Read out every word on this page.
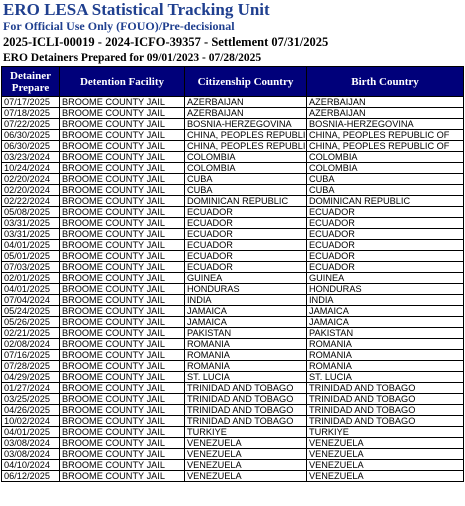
ERO LESA Statistical Tracking Unit
For Official Use Only (FOUO)/Pre-decisional
2025-ICLI-00019 - 2024-ICFO-39357 - Settlement 07/31/2025
ERO Detainers Prepared for 09/01/2023 - 07/28/2025
Detainer Prepare	Detention Facility	Citizenship Country	Birth Country
07/17/2025	BROOME COUNTY JAIL	AZERBAIJAN	AZERBAIJAN
07/18/2025	BROOME COUNTY JAIL	AZERBAIJAN	AZERBAIJAN
07/22/2025	BROOME COUNTY JAIL	BOSNIA-HERZEGOVINA	BOSNIA-HERZEGOVINA
06/30/2025	BROOME COUNTY JAIL	CHINA, PEOPLES REPUBLI	CHINA, PEOPLES REPUBLIC OF
06/30/2025	BROOME COUNTY JAIL	CHINA, PEOPLES REPUBLI	CHINA, PEOPLES REPUBLIC OF
03/23/2024	BROOME COUNTY JAIL	COLOMBIA	COLOMBIA
10/24/2024	BROOME COUNTY JAIL	COLOMBIA	COLOMBIA
02/20/2024	BROOME COUNTY JAIL	CUBA	CUBA
02/20/2024	BROOME COUNTY JAIL	CUBA	CUBA
02/22/2024	BROOME COUNTY JAIL	DOMINICAN REPUBLIC	DOMINICAN REPUBLIC
05/08/2025	BROOME COUNTY JAIL	ECUADOR	ECUADOR
03/31/2025	BROOME COUNTY JAIL	ECUADOR	ECUADOR
03/31/2025	BROOME COUNTY JAIL	ECUADOR	ECUADOR
04/01/2025	BROOME COUNTY JAIL	ECUADOR	ECUADOR
05/01/2025	BROOME COUNTY JAIL	ECUADOR	ECUADOR
07/03/2025	BROOME COUNTY JAIL	ECUADOR	ECUADOR
02/01/2025	BROOME COUNTY JAIL	GUINEA	GUINEA
04/01/2025	BROOME COUNTY JAIL	HONDURAS	HONDURAS
07/04/2024	BROOME COUNTY JAIL	INDIA	INDIA
05/24/2025	BROOME COUNTY JAIL	JAMAICA	JAMAICA
05/26/2025	BROOME COUNTY JAIL	JAMAICA	JAMAICA
02/21/2025	BROOME COUNTY JAIL	PAKISTAN	PAKISTAN
02/08/2024	BROOME COUNTY JAIL	ROMANIA	ROMANIA
07/16/2025	BROOME COUNTY JAIL	ROMANIA	ROMANIA
07/28/2025	BROOME COUNTY JAIL	ROMANIA	ROMANIA
04/29/2025	BROOME COUNTY JAIL	ST. LUCIA	ST. LUCIA
01/27/2024	BROOME COUNTY JAIL	TRINIDAD AND TOBAGO	TRINIDAD AND TOBAGO
03/25/2025	BROOME COUNTY JAIL	TRINIDAD AND TOBAGO	TRINIDAD AND TOBAGO
04/26/2025	BROOME COUNTY JAIL	TRINIDAD AND TOBAGO	TRINIDAD AND TOBAGO
10/02/2024	BROOME COUNTY JAIL	TRINIDAD AND TOBAGO	TRINIDAD AND TOBAGO
04/01/2025	BROOME COUNTY JAIL	TURKIYE	TURKIYE
03/08/2024	BROOME COUNTY JAIL	VENEZUELA	VENEZUELA
03/08/2024	BROOME COUNTY JAIL	VENEZUELA	VENEZUELA
04/10/2024	BROOME COUNTY JAIL	VENEZUELA	VENEZUELA
06/12/2025	BROOME COUNTY JAIL	VENEZUELA	VENEZUELA
